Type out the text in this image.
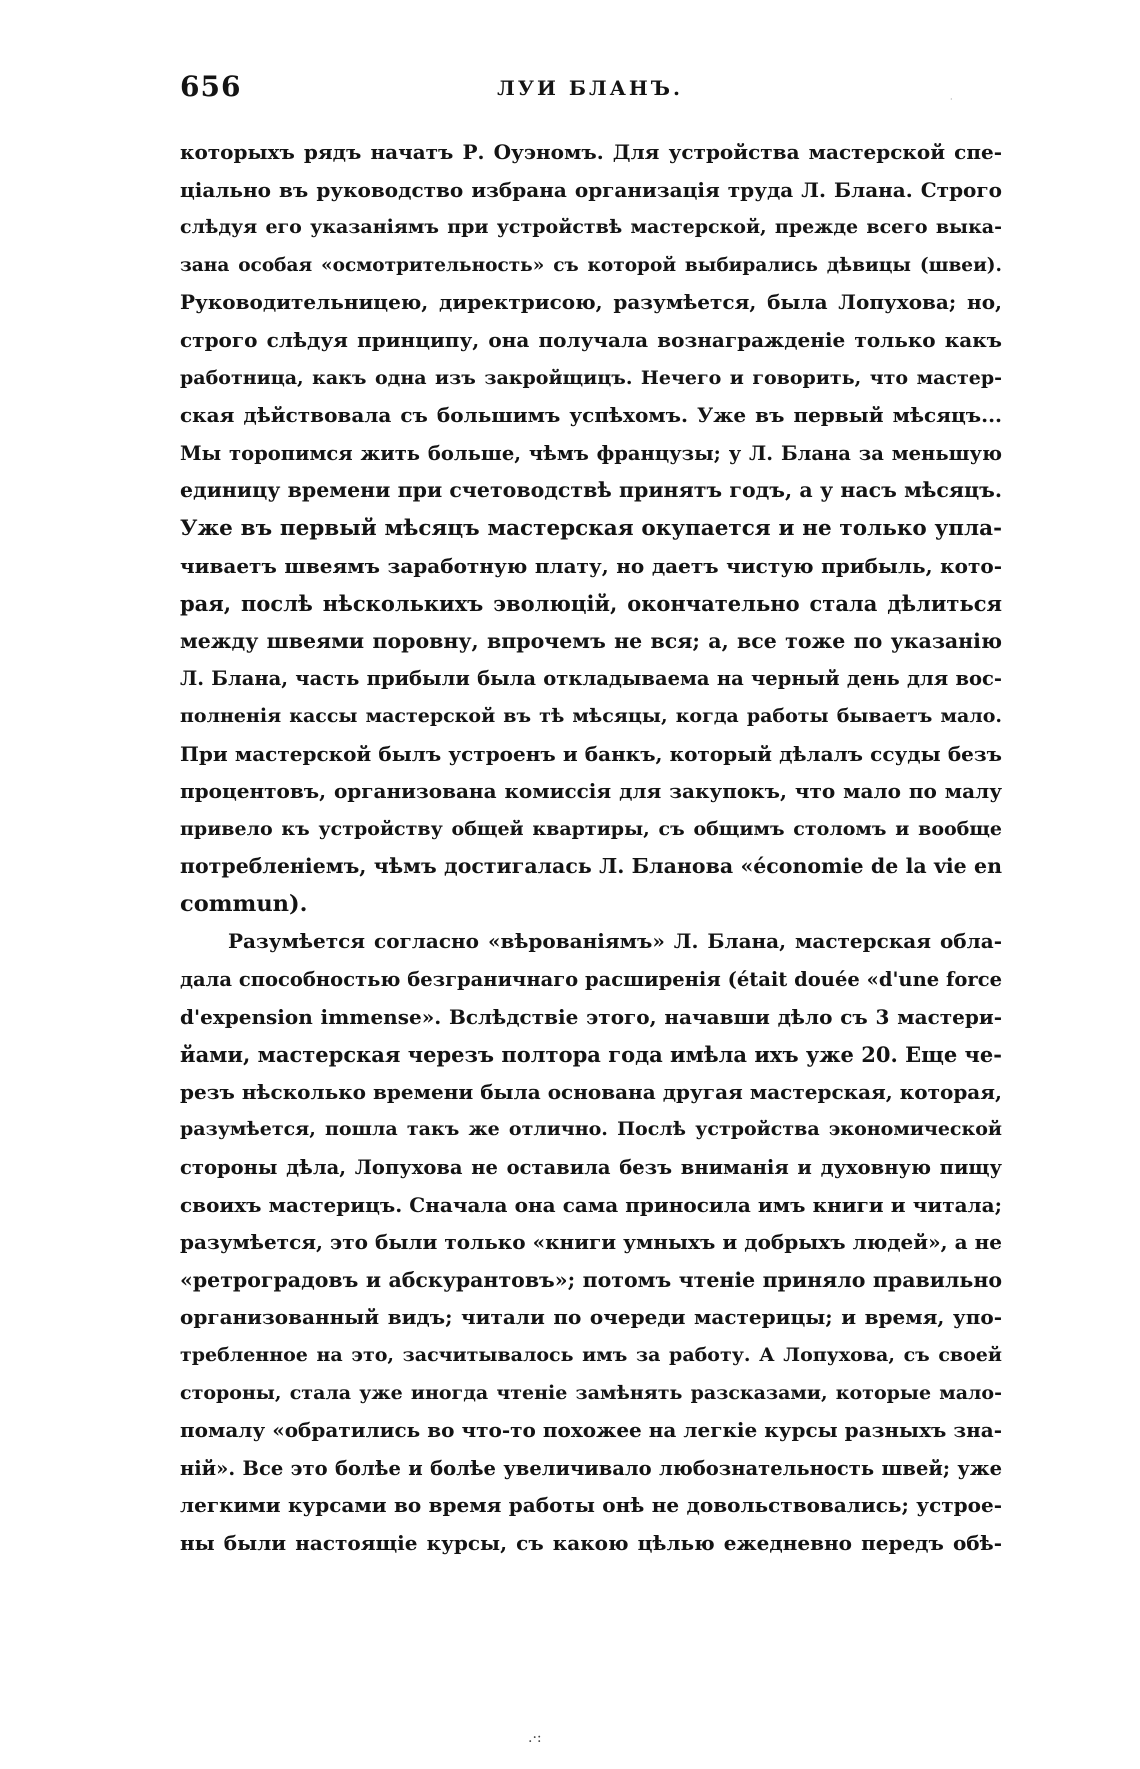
656	ЛУИ БЛАНЪ.
которыхъ рядъ начатъ Р. Оуэномъ. Для устройства мастерской спе-
ціально въ руководство избрана организація труда Л. Блана. Строго
слѣдуя его указаніямъ при устройствѣ мастерской, прежде всего выка-
зана особая «осмотрительность» съ которой выбирались дѣвицы (швеи).
Руководительницею, директрисою, разумѣется, была Лопухова; но,
строго слѣдуя принципу, она получала вознагражденіе только какъ
работница, какъ одна изъ закройщицъ. Нечего и говорить, что мастер-
ская дѣйствовала съ большимъ успѣхомъ. Уже въ первый мѣсяцъ...
Мы торопимся жить больше, чѣмъ французы; у Л. Блана за меньшую
единицу времени при счетоводствѣ принятъ годъ, а у насъ мѣсяцъ.
Уже въ первый мѣсяцъ мастерская окупается и не только упла-
чиваетъ швеямъ заработную плату, но даетъ чистую прибыль, кото-
рая, послѣ нѣсколькихъ эволюцій, окончательно стала дѣлиться
между швеями поровну, впрочемъ не вся; а, все тоже по указанію
Л. Блана, часть прибыли была откладываема на черный день для вос-
полненія кассы мастерской въ тѣ мѣсяцы, когда работы бываетъ мало.
При мастерской былъ устроенъ и банкъ, который дѣлалъ ссуды безъ
процентовъ, организована комиссія для закупокъ, что мало по малу
привело къ устройству общей квартиры, съ общимъ столомъ и вообще
потребленіемъ, чѣмъ достигалась Л. Бланова «économie de la vie en
commun).
Разумѣется согласно «вѣрованіямъ» Л. Блана, мастерская обла-
дала способностью безграничнаго расширенія (était douée «d'une force
d'expension immense». Вслѣдствіе этого, начавши дѣло съ 3 мастери-
йами, мастерская черезъ полтора года имѣла ихъ уже 20. Еще че-
резъ нѣсколько времени была основана другая мастерская, которая,
разумѣется, пошла такъ же отлично. Послѣ устройства экономической
стороны дѣла, Лопухова не оставила безъ вниманія и духовную пищу
своихъ мастерицъ. Сначала она сама приносила имъ книги и читала;
разумѣется, это были только «книги умныхъ и добрыхъ людей», а не
«ретроградовъ и абскурантовъ»; потомъ чтеніе приняло правильно
организованный видъ; читали по очереди мастерицы; и время, упо-
требленное на это, засчитывалось имъ за работу. А Лопухова, съ своей
стороны, стала уже иногда чтеніе замѣнять разсказами, которые мало-
помалу «обратились во что-то похожее на легкіе курсы разныхъ зна-
ній». Все это болѣе и болѣе увеличивало любознательность швей; уже
легкими курсами во время работы онѣ не довольствовались; устрое-
ны были настоящіе курсы, съ какою цѣлью ежедневно передъ обѣ-
·
.·:
